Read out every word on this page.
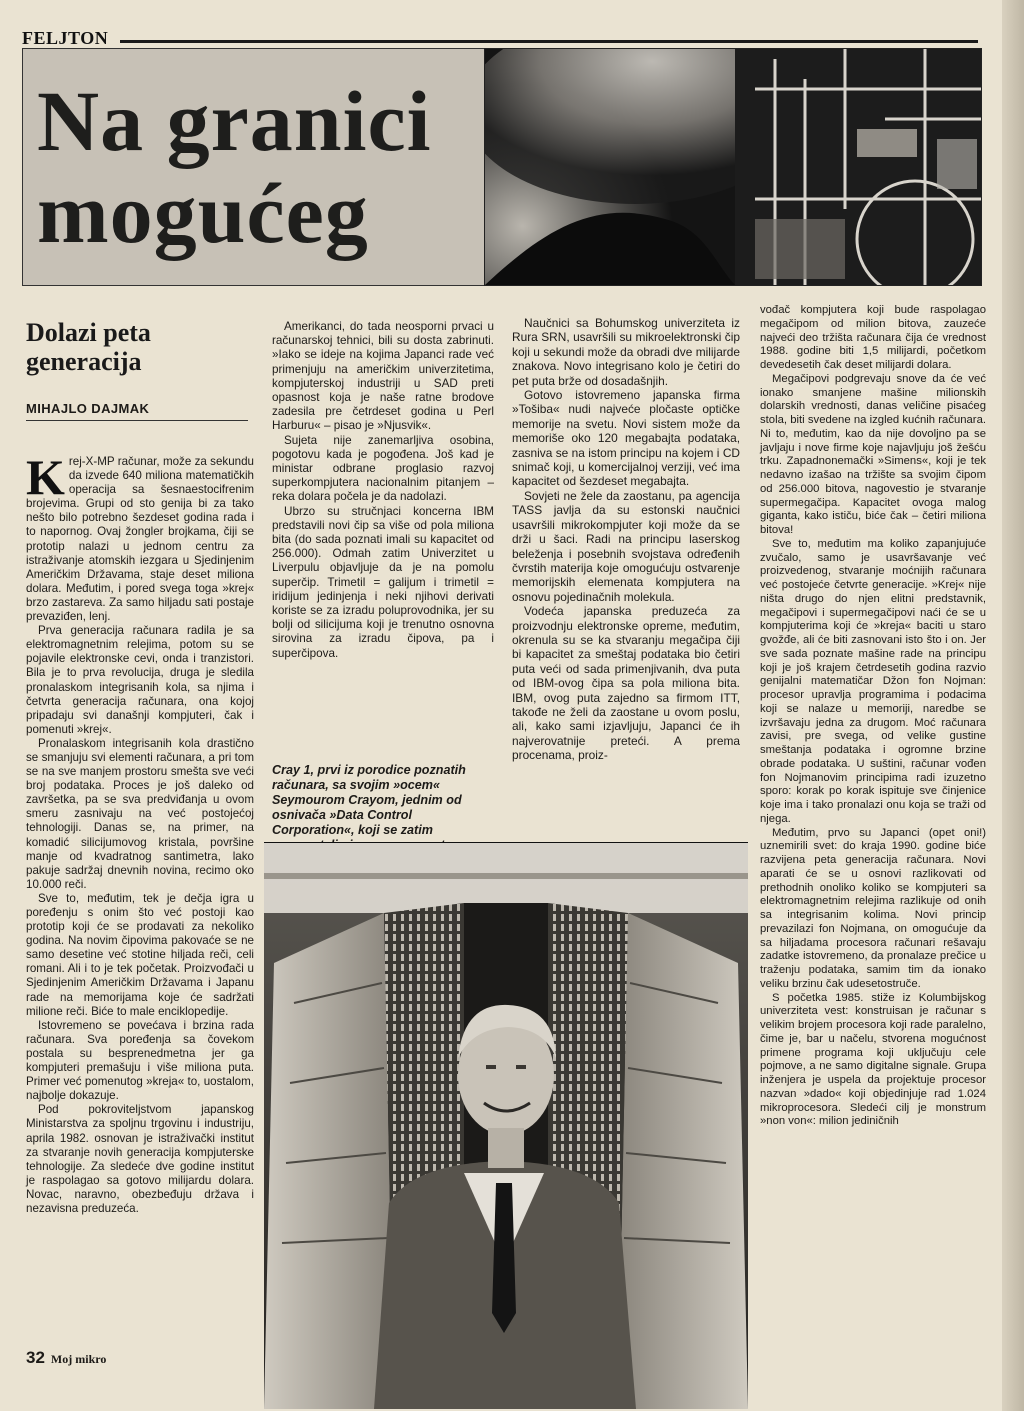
FELJTON
Na granici
mogućeg
Dolazi peta
generacija
MIHAJLO DAJMAK

Krej-X-MP računar, može za sekundu da izvede 640 miliona matematičkih operacija sa šesnaestocifrenim brojevima. Grupi od sto genija bi za tako nešto bilo potrebno šezdeset godina rada i to napornog. Ovaj žongler brojkama, čiji se prototip nalazi u jednom centru za istraživanje atomskih iezgara u Sjedinjenim Američkim Državama, staje deset miliona dolara. Međutim, i pored svega toga »krej« brzo zastareva. Za samo hiljadu sati postaje prevaziđen, lenj.

Prva generacija računara radila je sa elektromagnetnim relejima, potom su se pojavile elektronske cevi, onda i tranzistori. Bila je to prva revolucija, druga je sledila pronalaskom integrisanih kola, sa njima i četvrta generacija računara, ona kojoj pripadaju svi današnji kompjuteri, čak i pomenuti »krej«.

Pronalaskom integrisanih kola drastično se smanjuju svi elementi računara, a pri tom se na sve manjem prostoru smešta sve veći broj podataka. Proces je još daleko od završetka, pa se sva predviđanja u ovom smeru zasnivaju na već postojećoj tehnologiji. Danas se, na primer, na komadić silicijumovog kristala, površine manje od kvadratnog santimetra, lako pakuje sadržaj dnevnih novina, recimo oko 10.000 reči.

Sve to, međutim, tek je dečja igra u poređenju s onim što već postoji kao prototip koji će se prodavati za nekoliko godina. Na novim čipovima pakovaće se ne samo desetine već stotine hiljada reči, celi romani. Ali i to je tek početak. Proizvođači u Sjedinjenim Američkim Državama i Japanu rade na memorijama koje će sadržati milione reči. Biće to male enciklopedije.

Istovremeno se povećava i brzina rada računara. Sva poređenja sa čovekom postala su besprenedmetna jer ga kompjuteri premašuju i više miliona puta. Primer već pomenutog »kreja« to, uostalom, najbolje dokazuje.

Pod pokroviteljstvom japanskog Ministarstva za spoljnu trgovinu i industriju, aprila 1982. osnovan je istraživački institut za stvaranje novih generacija kompjuterske tehnologije. Za sledeće dve godine institut je raspolagao sa gotovo milijardu dolara. Novac, naravno, obezbeđuju država i nezavisna preduzeća.

Amerikanci, do tada neosporni prvaci u računarskoj tehnici, bili su dosta zabrinuti. »Iako se ideje na kojima Japanci rade već primenjuju na američkim univerzitetima, kompjuterskoj industriji u SAD preti opasnost koja je naše ratne brodove zadesila pre četrdeset godina u Perl Harburu« – pisao je »Njusvik«.

Sujeta nije zanemarljiva osobina, pogotovu kada je pogođena. Još kad je ministar odbrane proglasio razvoj superkompjutera nacionalnim pitanjem – reka dolara počela je da nadolazi.

Ubrzo su stručnjaci koncerna IBM predstavili novi čip sa više od pola miliona bita (do sada poznati imali su kapacitet od 256.000). Odmah zatim Univerzitet u Liverpulu objavljuje da je na pomolu superčip. Trimetil = galijum i trimetil = iridijum jedinjenja i neki njihovi derivati koriste se za izradu poluprovodnika, jer su bolji od silicijuma koji je trenutno osnovna sirovina za izradu čipova, pa i superčipova.

Cray 1, prvi iz porodice poznatih računara, sa svojim »ocem« Seymourom Crayom, jednim od osnivača »Data Control Corporation«, koji se zatim

Naučnici sa Bohumskog univerziteta iz Rura SRN, usavršili su mikroelektronski čip koji u sekundi može da obradi dve milijarde znakova. Novo integrisano kolo je četiri do pet puta brže od dosadašnjih.

Gotovo istovremeno japanska firma »Tošiba« nudi najveće pločaste optičke memorije na svetu. Novi sistem može da memoriše oko 120 megabajta podataka, zasniva se na istom principu na kojem i CD snimač koji, u komercijalnoj verziji, već ima kapacitet od šezdeset megabajta.

Sovjeti ne žele da zaostanu, pa agencija TASS javlja da su estonski naučnici usavršili mikrokompjuter koji može da se drži u šaci. Radi na principu laserskog beleženja i posebnih svojstava određenih čvrstih materija koje omogućuju ostvarenje memorijskih elemenata kompjutera na osnovu pojedinačnih molekula.

Vodeća japanska preduzeća za proizvodnju elektronske opreme, međutim, okrenula su se ka stvaranju megačipa čiji bi kapacitet za smeštaj podataka bio četiri puta veći od sada primenjivanih, dva puta od IBM-ovog čipa sa pola miliona bita. IBM, ovog puta zajedno sa firmom ITT, takođe ne želi da zaostane u ovom poslu, ali, kako sami izjavljuju, Japanci će ih najverovatnije preteći. A prema procenama, proiz-

vođač kompjutera koji bude raspolagao megačipom od milion bitova, zauzeće najveći deo tržišta računara čija će vrednost 1988. godine biti 1,5 milijardi, početkom devedesetih čak deset milijardi dolara.

Megačipovi podgrevaju snove da će već ionako smanjene mašine milionskih dolarskih vrednosti, danas veličine pisaćeg stola, biti svedene na izgled kućnih računara. Ni to, međutim, kao da nije dovoljno pa se javljaju i nove firme koje najavljuju još žešću trku. Zapadnonemački »Simens«, koji je tek nedavno izašao na tržište sa svojim čipom od 256.000 bitova, nagovestio je stvaranje supermegačipa. Kapacitet ovoga malog giganta, kako ističu, biće čak – četiri miliona bitova!

Sve to, međutim ma koliko zapanjujuće zvučalo, samo je usavršavanje već proizvedenog, stvaranje moćnijih računara već postojeće četvrte generacije. »Krej« nije ništa drugo do njen elitni predstavnik, megačipovi i supermegačipovi naći će se u kompjuterima koji će »kreja« baciti u staro gvožđe, ali će biti zasnovani isto što i on. Jer sve sada poznate mašine rade na principu koji je još krajem četrdesetih godina razvio genijalni matematičar Džon fon Nojman: procesor upravlja programima i podacima koji se nalaze u memoriji, naredbe se izvršavaju jedna za drugom. Moć računara zavisi, pre svega, od velike gustine smeštanja podataka i ogromne brzine obrade podataka. U suštini, računar vođen fon Nojmanovim principima radi izuzetno sporo: korak po korak ispituje sve činjenice koje ima i tako pronalazi onu koja se traži od njega.

Međutim, prvo su Japanci (opet oni!) uznemirili svet: do kraja 1990. godine biće razvijena peta generacija računara. Novi aparati će se u osnovi razlikovati od prethodnih onoliko koliko se kompjuteri sa elektromagnetnim relejima razlikuje od onih sa integrisanim kolima. Novi princip prevazilazi fon Nojmana, on omogućuje da sa hiljadama procesora računari rešavaju zadatke istovremeno, da pronalaze prečice u traženju podataka, samim tim da ionako veliku brzinu čak udesetostruče.

S početka 1985. stiže iz Kolumbijskog univerziteta vest: konstruisan je računar s velikim brojem procesora koji rade paralelno, čime je, bar u načelu, stvorena mogućnost primene programa koji uključuju cele pojmove, a ne samo digitalne signale. Grupa inženjera je uspela da projektuje procesor nazvan »dado« koji objedinjuje rad 1.024 mikroprocesora. Sledeći cilj je monstrum »non von«: milion jediničnih

32 Moj mikro
